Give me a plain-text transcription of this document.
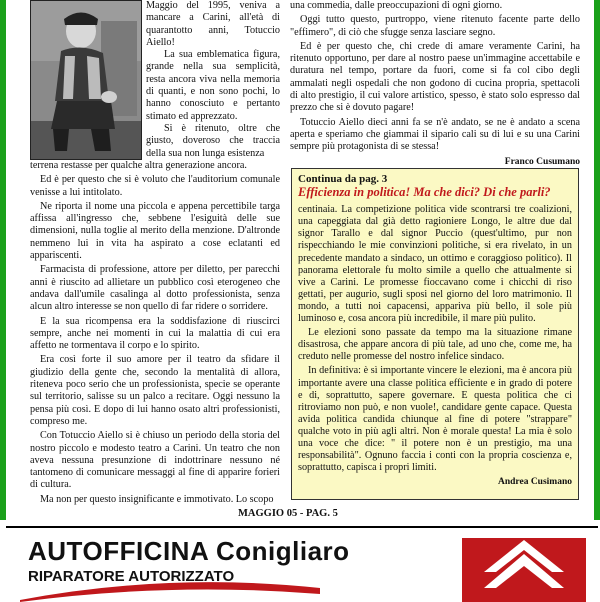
Maggio del 1995, veniva a mancare a Carini, all'età di quarantotto anni, Totuccio Aiello!

La sua emblematica figura, grande nella sua semplicità, resta ancora viva nella memoria di quanti, e non sono pochi, lo hanno conosciuto e pertanto stimato ed apprezzato.

Si è ritenuto, oltre che giusto, doveroso che traccia della sua non lunga esistenza

terrena restasse per qualche altra generazione ancora.

Ed è per questo che si è voluto che l'auditorium comunale venisse a lui intitolato.

Ne riporta il nome una piccola e appena percettibile targa affissa all'ingresso che, sebbene l'esiguità delle sue dimensioni, nulla toglie al merito della menzione. D'altronde nemmeno lui in vita ha aspirato a cose eclatanti ed appariscenti.

Farmacista di professione, attore per diletto, per parecchi anni è riuscito ad allietare un pubblico così eterogeneo che andava dall'umile casalinga al dotto professionista, senza alcun altro interesse se non quello di far ridere o sorridere.

E la sua ricompensa era la soddisfazione di riuscirci sempre, anche nei momenti in cui la malattia di cui era affetto ne tormentava il corpo e lo spirito.

Era così forte il suo amore per il teatro da sfidare il giudizio della gente che, secondo la mentalità di allora, riteneva poco serio che un professionista, specie se operante sul territorio, salisse su un palco a recitare. Oggi nessuno la pensa più così. E dopo di lui hanno osato altri professionisti, compreso me.

Con Totuccio Aiello si è chiuso un periodo della storia del nostro piccolo e modesto teatro a Carini. Un teatro che non aveva nessuna presunzione di indottrinare nessuno né tantomeno di comunicare messaggi al fine di apparire forieri di cultura.

Ma non per questo insignificante e immotivato. Lo scopo

una commedia, dalle preoccupazioni di ogni giorno.

Oggi tutto questo, purtroppo, viene ritenuto facente parte dello "effimero", di ciò che sfugge senza lasciare segno.

Ed è per questo che, chi crede di amare veramente Carini, ha ritenuto opportuno, per dare al nostro paese un'immagine accettabile e duratura nel tempo, portare da fuori, come si fa col cibo degli ammalati negli ospedali che non godono di cucina propria, spettacoli di alto prestigio, il cui valore artistico, spesso, è stato solo espresso dal prezzo che si è dovuto pagare!

Totuccio Aiello dieci anni fa se n'è andato, se ne è andato a scena aperta e speriamo che giammai il sipario cali su di lui e su una Carini sempre più protagonista di se stessa!

Franco Cusumano
Continua da pag. 3
Efficienza in politica! Ma che dici? Di che parli?

centinaia. La competizione politica vide scontrarsi tre coalizioni, una capeggiata dal già detto ragioniere Longo, le altre due dal signor Tarallo e dal signor Puccio (quest'ultimo, pur non rispecchiando le mie convinzioni politiche, si era rivelato, in un precedente mandato a sindaco, un ottimo e coraggioso politico). Il panorama elettorale fu molto simile a quello che attualmente si vive a Carini. Le promesse fioccavano come i chicchi di riso gettati, per augurio, sugli sposi nel giorno del loro matrimonio. Il mondo, a tutti noi capacensi, appariva più bello, il sole più luminoso e, cosa ancora più incredibile, il mare più pulito.

Le elezioni sono passate da tempo ma la situazione rimane disastrosa, che appare ancora di più tale, ad uno che, come me, ha creduto nelle promesse del nostro infelice sindaco.

In definitiva: è sì importante vincere le elezioni, ma è ancora più importante avere una classe politica efficiente e in grado di potere e di, soprattutto, sapere governare. E questa politica che ci ritroviamo non può, e non vuole!, candidare gente capace. Questa avida politica candida chiunque al fine di potere "strappare" qualche voto in più agli altri. Non è morale questa! La mia è solo una voce che dice: " il potere non è un prestigio, ma una responsabilità". Ognuno faccia i conti con la propria coscienza e, soprattutto, capisca i propri limiti.

Andrea Cusimano
MAGGIO 05 - PAG. 5
AUTOFFICINA Conigliaro
RIPARATORE AUTORIZZATO
